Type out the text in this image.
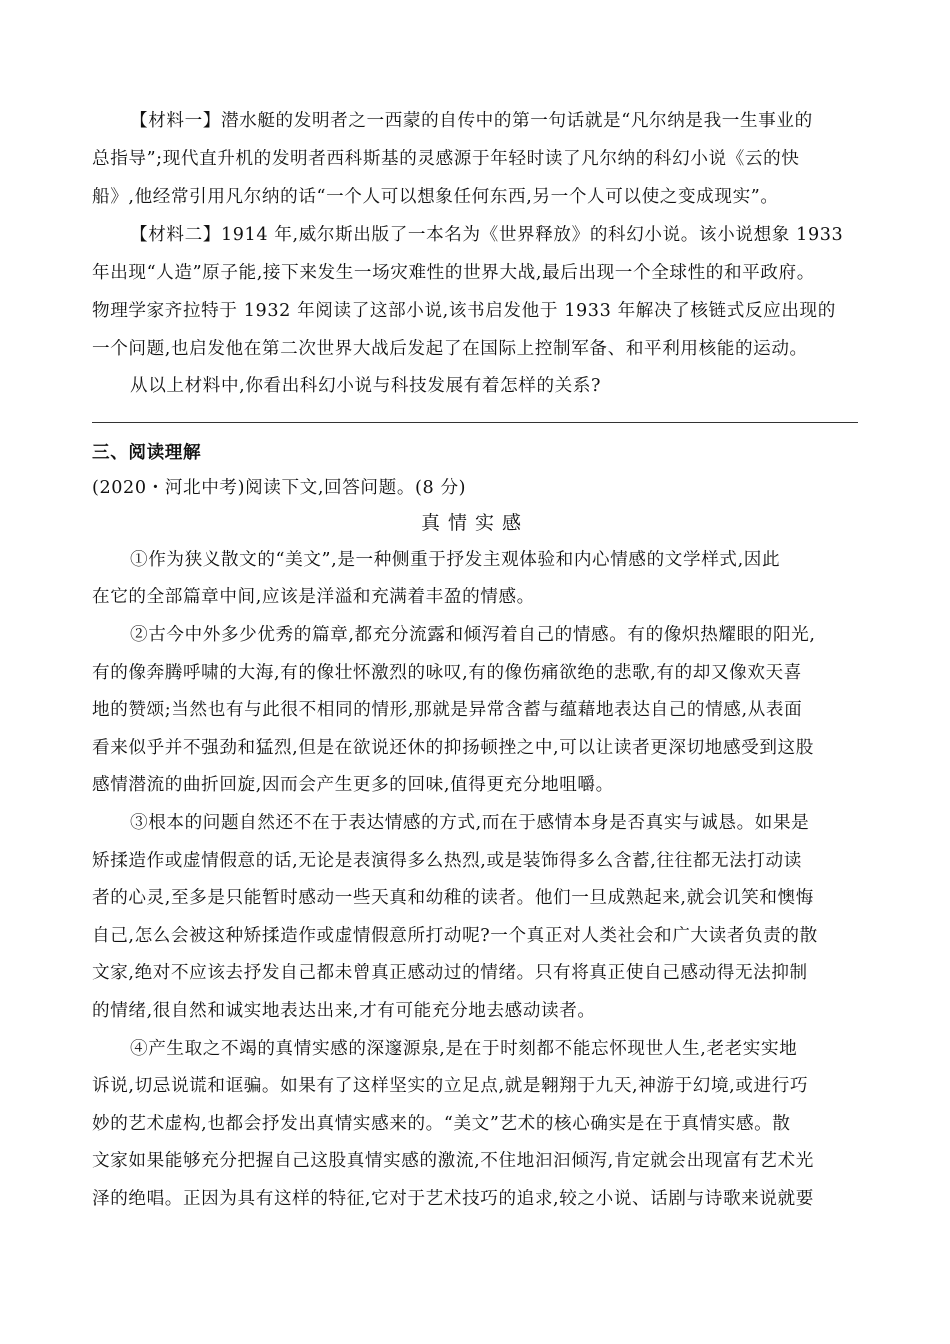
【材料一】潜水艇的发明者之一西蒙的自传中的第一句话就是“凡尔纳是我一生事业的
总指导”;现代直升机的发明者西科斯基的灵感源于年轻时读了凡尔纳的科幻小说《云的快
船》,他经常引用凡尔纳的话“一个人可以想象任何东西,另一个人可以使之变成现实”。
【材料二】1914 年,威尔斯出版了一本名为《世界释放》的科幻小说。该小说想象 1933
年出现“人造”原子能,接下来发生一场灾难性的世界大战,最后出现一个全球性的和平政府。
物理学家齐拉特于 1932 年阅读了这部小说,该书启发他于 1933 年解决了核链式反应出现的
一个问题,也启发他在第二次世界大战后发起了在国际上控制军备、和平利用核能的运动。
从以上材料中,你看出科幻小说与科技发展有着怎样的关系?
三、阅读理解
(2020・河北中考)阅读下文,回答问题。(8 分)
真情实感
①作为狭义散文的“美文”,是一种侧重于抒发主观体验和内心情感的文学样式,因此
在它的全部篇章中间,应该是洋溢和充满着丰盈的情感。
②古今中外多少优秀的篇章,都充分流露和倾泻着自己的情感。有的像炽热耀眼的阳光,
有的像奔腾呼啸的大海,有的像壮怀激烈的咏叹,有的像伤痛欲绝的悲歌,有的却又像欢天喜
地的赞颂;当然也有与此很不相同的情形,那就是异常含蓄与蕴藉地表达自己的情感,从表面
看来似乎并不强劲和猛烈,但是在欲说还休的抑扬顿挫之中,可以让读者更深切地感受到这股
感情潜流的曲折回旋,因而会产生更多的回味,值得更充分地咀嚼。
③根本的问题自然还不在于表达情感的方式,而在于感情本身是否真实与诚恳。如果是
矫揉造作或虚情假意的话,无论是表演得多么热烈,或是装饰得多么含蓄,往往都无法打动读
者的心灵,至多是只能暂时感动一些天真和幼稚的读者。他们一旦成熟起来,就会讥笑和懊悔
自己,怎么会被这种矫揉造作或虚情假意所打动呢?一个真正对人类社会和广大读者负责的散
文家,绝对不应该去抒发自己都未曾真正感动过的情绪。只有将真正使自己感动得无法抑制
的情绪,很自然和诚实地表达出来,才有可能充分地去感动读者。
④产生取之不竭的真情实感的深邃源泉,是在于时刻都不能忘怀现世人生,老老实实地
诉说,切忌说谎和诓骗。如果有了这样坚实的立足点,就是翱翔于九天,神游于幻境,或进行巧
妙的艺术虚构,也都会抒发出真情实感来的。“美文”艺术的核心确实是在于真情实感。散
文家如果能够充分把握自己这股真情实感的激流,不住地汩汩倾泻,肯定就会出现富有艺术光
泽的绝唱。正因为具有这样的特征,它对于艺术技巧的追求,较之小说、话剧与诗歌来说就要
